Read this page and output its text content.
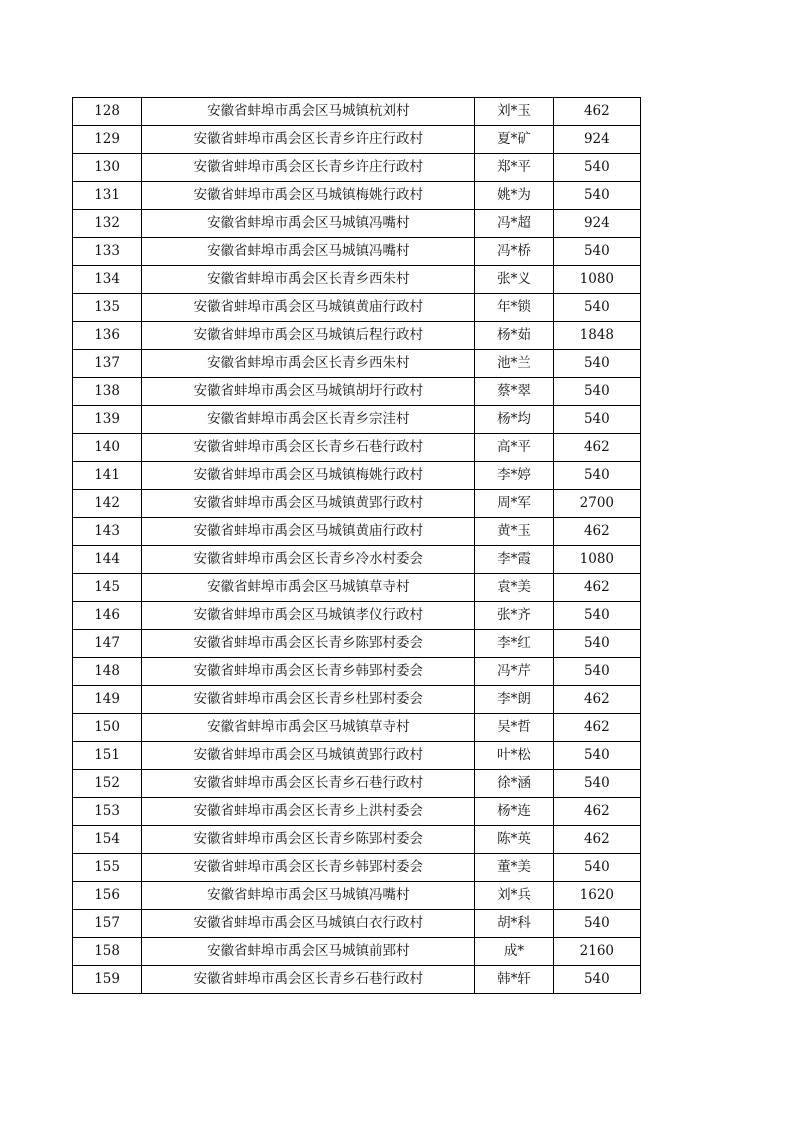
128	安徽省蚌埠市禹会区马城镇杭刘村	刘*玉	462
129	安徽省蚌埠市禹会区长青乡许庄行政村	夏*矿	924
130	安徽省蚌埠市禹会区长青乡许庄行政村	郑*平	540
131	安徽省蚌埠市禹会区马城镇梅姚行政村	姚*为	540
132	安徽省蚌埠市禹会区马城镇冯嘴村	冯*超	924
133	安徽省蚌埠市禹会区马城镇冯嘴村	冯*桥	540
134	安徽省蚌埠市禹会区长青乡西朱村	张*义	1080
135	安徽省蚌埠市禹会区马城镇黄庙行政村	年*锁	540
136	安徽省蚌埠市禹会区马城镇后程行政村	杨*茹	1848
137	安徽省蚌埠市禹会区长青乡西朱村	池*兰	540
138	安徽省蚌埠市禹会区马城镇胡圩行政村	蔡*翠	540
139	安徽省蚌埠市禹会区长青乡宗洼村	杨*均	540
140	安徽省蚌埠市禹会区长青乡石巷行政村	高*平	462
141	安徽省蚌埠市禹会区马城镇梅姚行政村	李*婷	540
142	安徽省蚌埠市禹会区马城镇黄郢行政村	周*军	2700
143	安徽省蚌埠市禹会区马城镇黄庙行政村	黄*玉	462
144	安徽省蚌埠市禹会区长青乡冷水村委会	李*霞	1080
145	安徽省蚌埠市禹会区马城镇草寺村	袁*美	462
146	安徽省蚌埠市禹会区马城镇孝仪行政村	张*齐	540
147	安徽省蚌埠市禹会区长青乡陈郢村委会	李*红	540
148	安徽省蚌埠市禹会区长青乡韩郢村委会	冯*芹	540
149	安徽省蚌埠市禹会区长青乡杜郢村委会	李*朗	462
150	安徽省蚌埠市禹会区马城镇草寺村	吴*哲	462
151	安徽省蚌埠市禹会区马城镇黄郢行政村	叶*松	540
152	安徽省蚌埠市禹会区长青乡石巷行政村	徐*涵	540
153	安徽省蚌埠市禹会区长青乡上洪村委会	杨*连	462
154	安徽省蚌埠市禹会区长青乡陈郢村委会	陈*英	462
155	安徽省蚌埠市禹会区长青乡韩郢村委会	董*美	540
156	安徽省蚌埠市禹会区马城镇冯嘴村	刘*兵	1620
157	安徽省蚌埠市禹会区马城镇白衣行政村	胡*科	540
158	安徽省蚌埠市禹会区马城镇前郢村	成*	2160
159	安徽省蚌埠市禹会区长青乡石巷行政村	韩*轩	540
